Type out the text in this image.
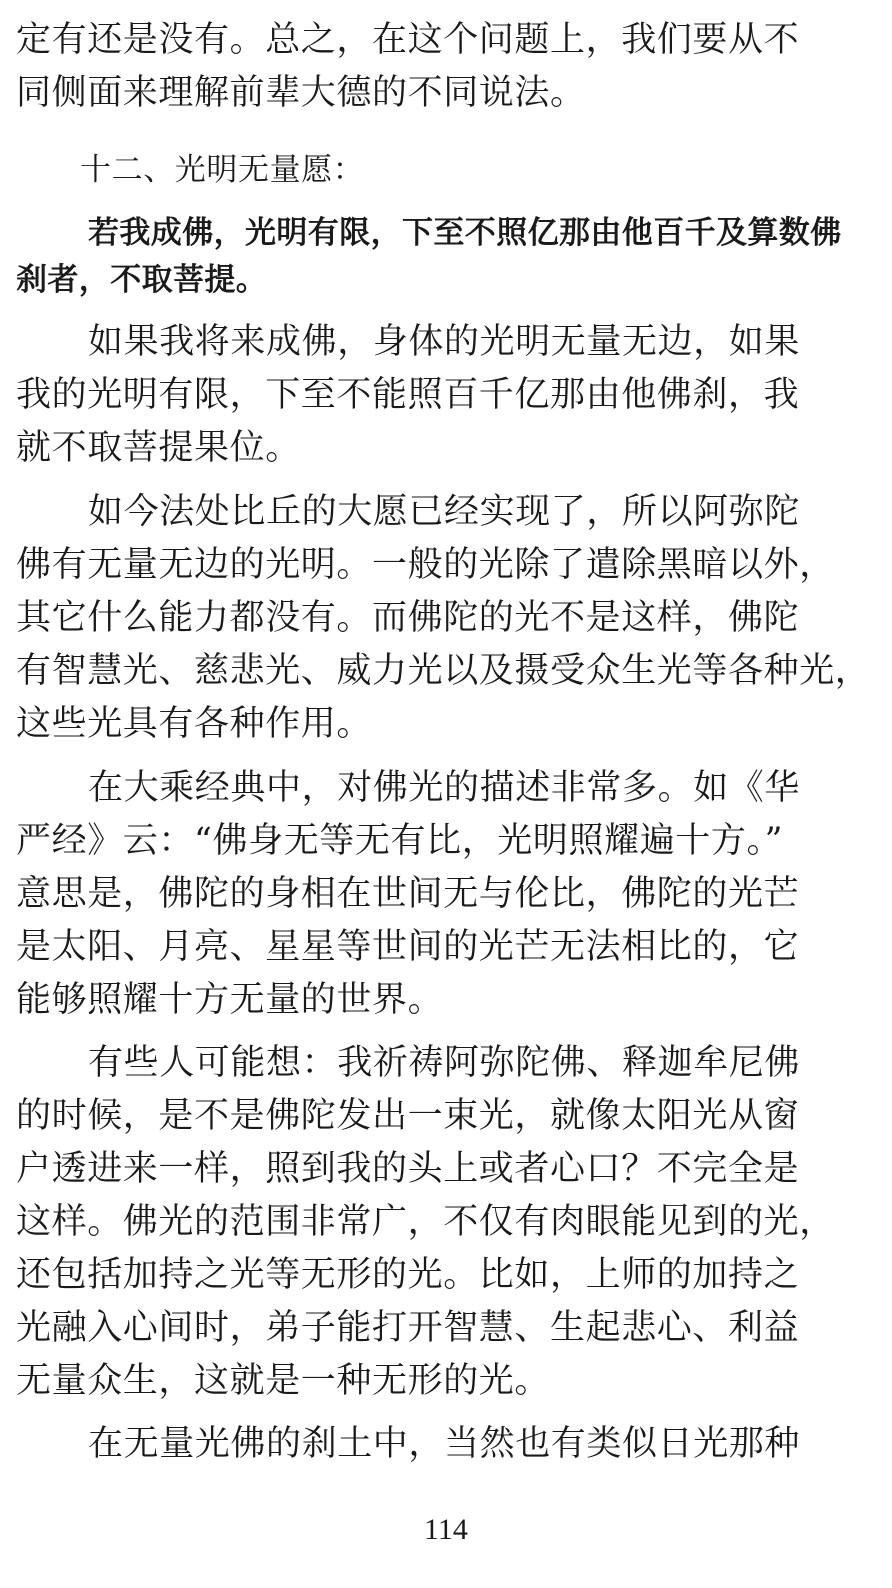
定有还是没有。总之，在这个问题上，我们要从不
同侧面来理解前辈大德的不同说法。
十二、光明无量愿：
若我成佛，光明有限，下至不照亿那由他百千及算数佛
刹者，不取菩提。
如果我将来成佛，身体的光明无量无边，如果
我的光明有限，下至不能照百千亿那由他佛刹，我
就不取菩提果位。
如今法处比丘的大愿已经实现了，所以阿弥陀
佛有无量无边的光明。一般的光除了遣除黑暗以外，
其它什么能力都没有。而佛陀的光不是这样，佛陀
有智慧光、慈悲光、威力光以及摄受众生光等各种光，
这些光具有各种作用。
在大乘经典中，对佛光的描述非常多。如《华
严经》云：“佛身无等无有比，光明照耀遍十方。”
意思是，佛陀的身相在世间无与伦比，佛陀的光芒
是太阳、月亮、星星等世间的光芒无法相比的，它
能够照耀十方无量的世界。
有些人可能想：我祈祷阿弥陀佛、释迦牟尼佛
的时候，是不是佛陀发出一束光，就像太阳光从窗
户透进来一样，照到我的头上或者心口？不完全是
这样。佛光的范围非常广，不仅有肉眼能见到的光，
还包括加持之光等无形的光。比如，上师的加持之
光融入心间时，弟子能打开智慧、生起悲心、利益
无量众生，这就是一种无形的光。
在无量光佛的刹土中，当然也有类似日光那种
114
